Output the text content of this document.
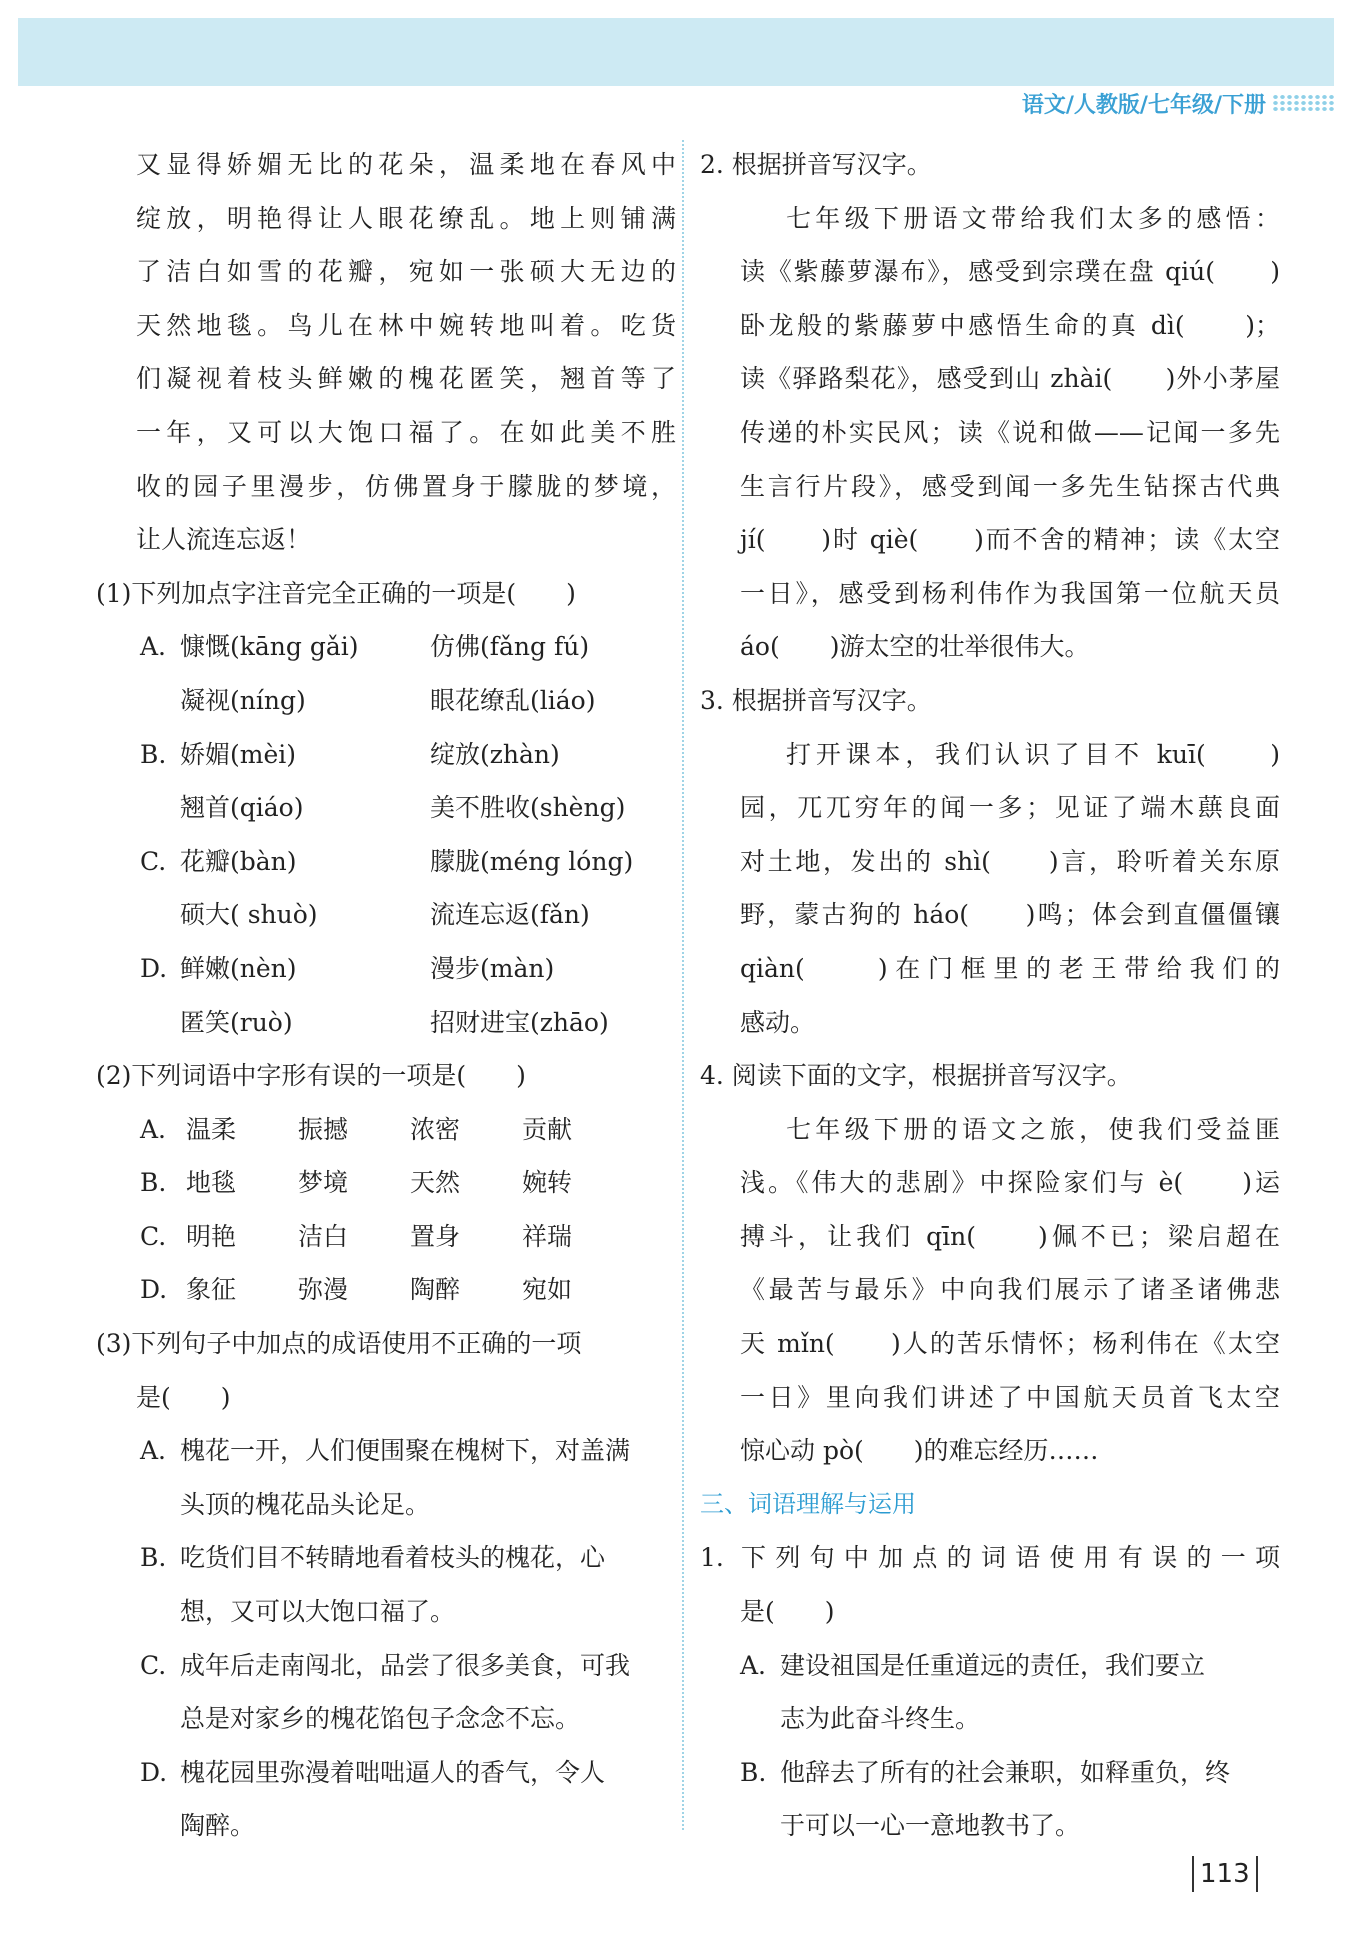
语文/人教版/七年级/下册
又显得娇媚无比的花朵，温柔地在春风中
绽放，明艳得让人眼花缭乱。地上则铺满
了洁白如雪的花瓣，宛如一张硕大无边的
天然地毯。鸟儿在林中婉转地叫着。吃货
们凝视着枝头鲜嫩的槐花匿笑，翘首等了
一年，又可以大饱口福了。在如此美不胜
收的园子里漫步，仿佛置身于朦胧的梦境，
让人流连忘返！
(1)下列加点字注音完全正确的一项是(　　)
A. 慷慨(kāng gǎi)	仿佛(fǎng fú)
凝视(níng)	眼花缭乱(liáo)
B. 娇媚(mèi)	绽放(zhàn)
翘首(qiáo)	美不胜收(shèng)
C. 花瓣(bàn)	朦胧(méng lóng)
硕大( shuò)	流连忘返(fǎn)
D. 鲜嫩(nèn)	漫步(màn)
匿笑(ruò)	招财进宝(zhāo)
(2)下列词语中字形有误的一项是(　　)
A. 温柔	振撼	浓密	贡献
B. 地毯	梦境	天然	婉转
C. 明艳	洁白	置身	祥瑞
D. 象征	弥漫	陶醉	宛如
(3)下列句子中加点的成语使用不正确的一项
是(　　)
A. 槐花一开，人们便围聚在槐树下，对盖满
头顶的槐花品头论足。
B. 吃货们目不转睛地看着枝头的槐花，心
想，又可以大饱口福了。
C. 成年后走南闯北，品尝了很多美食，可我
总是对家乡的槐花馅包子念念不忘。
D. 槐花园里弥漫着咄咄逼人的香气，令人
陶醉。
2. 根据拼音写汉字。
七年级下册语文带给我们太多的感悟：
读《紫藤萝瀑布》，感受到宗璞在盘 qiú(　　)
卧龙般的紫藤萝中感悟生命的真 dì(　　)；
读《驿路梨花》，感受到山 zhài(　　)外小茅屋
传递的朴实民风；读《说和做——记闻一多先
生言行片段》，感受到闻一多先生钻探古代典
jí(　　)时 qiè(　　)而不舍的精神；读《太空
一日》，感受到杨利伟作为我国第一位航天员
áo(　　)游太空的壮举很伟大。
3. 根据拼音写汉字。
打开课本，我们认识了目不 kuī(　　)
园，兀兀穷年的闻一多；见证了端木蕻良面
对土地，发出的 shì(　　)言，聆听着关东原
野，蒙古狗的 háo(　　)鸣；体会到直僵僵镶
qiàn(　　)在门框里的老王带给我们的
感动。
4. 阅读下面的文字，根据拼音写汉字。
七年级下册的语文之旅，使我们受益匪
浅。《伟大的悲剧》中探险家们与 è(　　)运
搏斗，让我们 qīn(　　)佩不已；梁启超在
《最苦与最乐》中向我们展示了诸圣诸佛悲
天 mǐn(　　)人的苦乐情怀；杨利伟在《太空
一日》里向我们讲述了中国航天员首飞太空
惊心动 pò(　　)的难忘经历……
三、词语理解与运用
1. 下列句中加点的词语使用有误的一项
是(　　)
A. 建设祖国是任重道远的责任，我们要立
志为此奋斗终生。
B. 他辞去了所有的社会兼职，如释重负，终
于可以一心一意地教书了。
113
